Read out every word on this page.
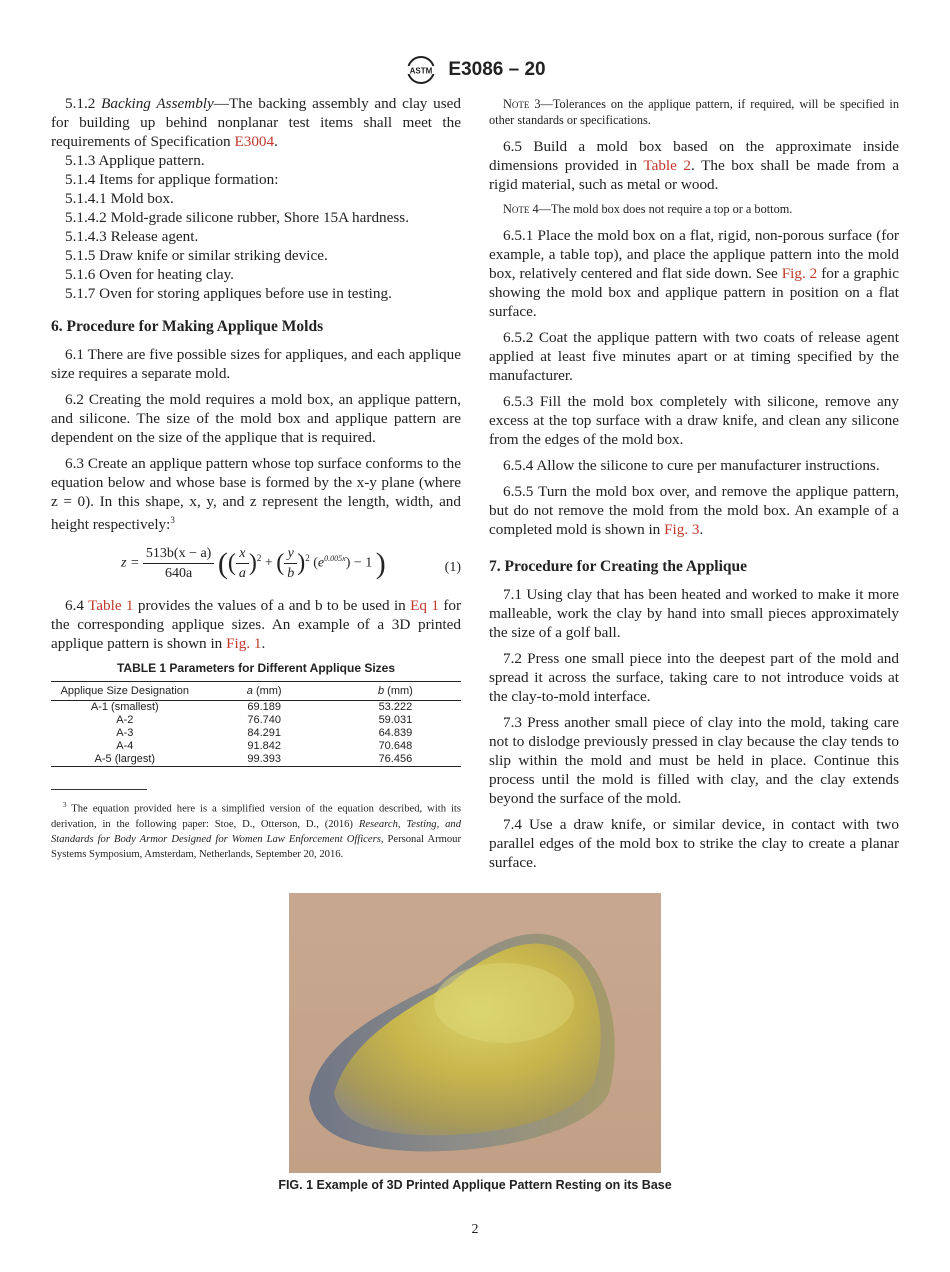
ASTM E3086 – 20

5.1.2 Backing Assembly—The backing assembly and clay used for building up behind nonplanar test items shall meet the requirements of Specification E3004.

5.1.3 Applique pattern.

5.1.4 Items for applique formation:

5.1.4.1 Mold box.

5.1.4.2 Mold-grade silicone rubber, Shore 15A hardness.

5.1.4.3 Release agent.

5.1.5 Draw knife or similar striking device.

5.1.6 Oven for heating clay.

5.1.7 Oven for storing appliques before use in testing.

6. Procedure for Making Applique Molds

6.1 There are five possible sizes for appliques, and each applique size requires a separate mold.

6.2 Creating the mold requires a mold box, an applique pattern, and silicone. The size of the mold box and applique pattern are dependent on the size of the applique that is required.

6.3 Create an applique pattern whose top surface conforms to the equation below and whose base is formed by the x-y plane (where z = 0). In this shape, x, y, and z represent the length, width, and height respectively:$^3$

$z = \frac{513b(x - a)}{640a}$ (( $\frac{x}{a} )^2$ + ( $\frac{y}{b} )^2$ $(e^{0.005x}) - 1$ )	(1)

6.4 Table 1 provides the values of a and b to be used in Eq 1 for the corresponding applique sizes. An example of a 3D printed applique pattern is shown in Fig. 1.

TABLE 1 Parameters for Different Applique Sizes
Applique Size Designation	a (mm)	b (mm)
A-1 (smallest)	69.189	53.222
A-2	76.740	59.031
A-3	84.291	64.839
A-4	91.842	70.648
A-5 (largest)	99.393	76.456
$^3$ The equation provided here is a simplified version of the equation described, with its derivation, in the following paper: Stoe, D., Otterson, D., (2016) Research, Testing, and Standards for Body Armor Designed for Women Law Enforcement Officers, Personal Armour Systems Symposium, Amsterdam, Netherlands, September 20, 2016.
Note 3—Tolerances on the applique pattern, if required, will be specified in other standards or specifications.

6.5 Build a mold box based on the approximate inside dimensions provided in Table 2. The box shall be made from a rigid material, such as metal or wood.

Note 4—The mold box does not require a top or a bottom.

6.5.1 Place the mold box on a flat, rigid, non-porous surface (for example, a table top), and place the applique pattern into the mold box, relatively centered and flat side down. See Fig. 2 for a graphic showing the mold box and applique pattern in position on a flat surface.

6.5.2 Coat the applique pattern with two coats of release agent applied at least five minutes apart or at timing specified by the manufacturer.

6.5.3 Fill the mold box completely with silicone, remove any excess at the top surface with a draw knife, and clean any silicone from the edges of the mold box.

6.5.4 Allow the silicone to cure per manufacturer instructions.

6.5.5 Turn the mold box over, and remove the applique pattern, but do not remove the mold from the mold box. An example of a completed mold is shown in Fig. 3.

7. Procedure for Creating the Applique

7.1 Using clay that has been heated and worked to make it more malleable, work the clay by hand into small pieces approximately the size of a golf ball.

7.2 Press one small piece into the deepest part of the mold and spread it across the surface, taking care to not introduce voids at the clay-to-mold interface.

7.3 Press another small piece of clay into the mold, taking care not to dislodge previously pressed in clay because the clay tends to slip within the mold and must be held in place. Continue this process until the mold is filled with clay, and the clay extends beyond the surface of the mold.

7.4 Use a draw knife, or similar device, in contact with two parallel edges of the mold box to strike the clay to create a planar surface.

FIG. 1 Example of 3D Printed Applique Pattern Resting on its Base
2
